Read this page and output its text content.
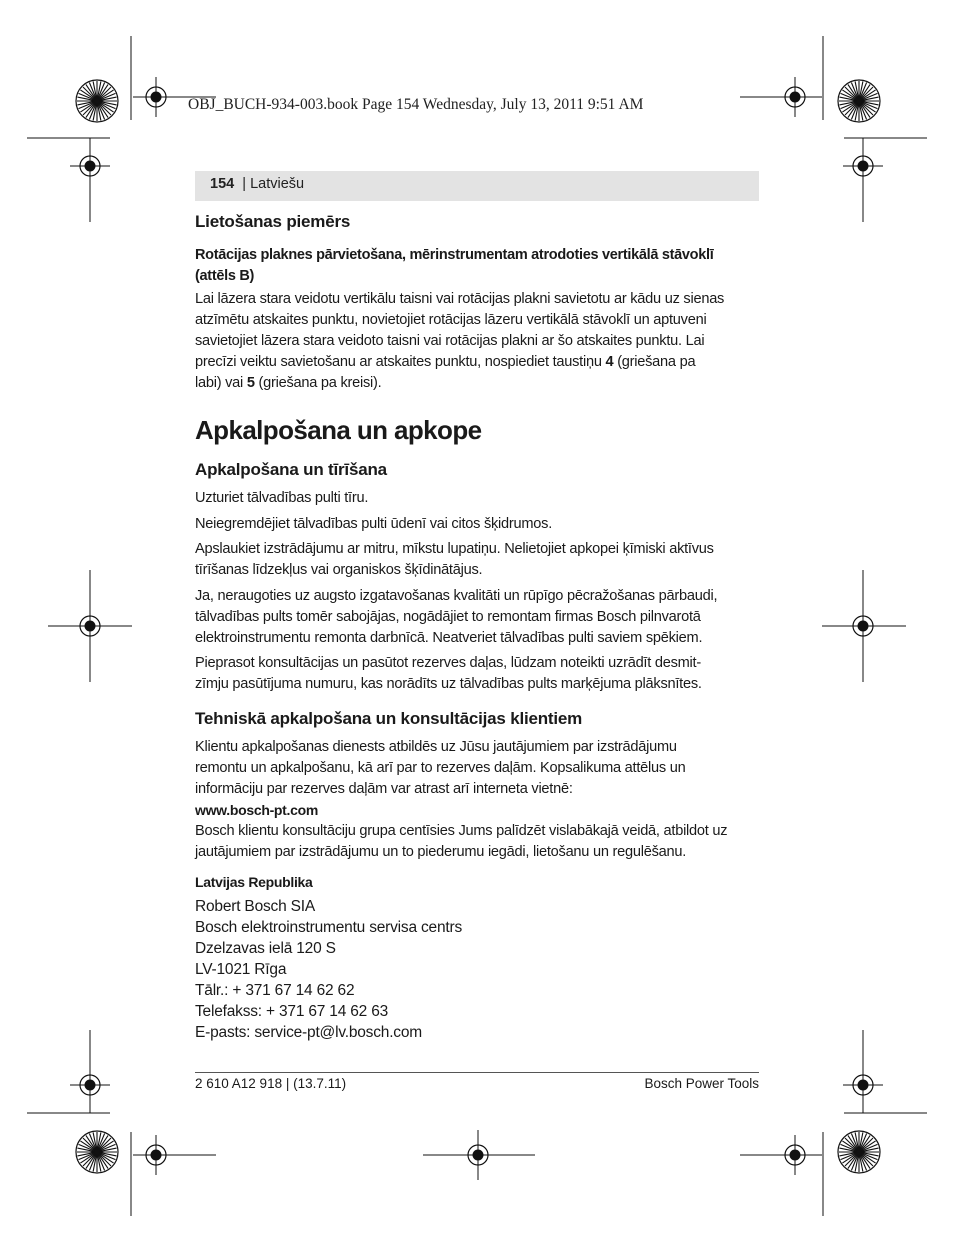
OBJ_BUCH-934-003.book Page 154 Wednesday, July 13, 2011 9:51 AM
154  | Latviešu
Lietošanas piemērs
Rotācijas plaknes pārvietošana, mērinstrumentam atrodoties vertikālā stāvoklī
(attēls B)
Lai lāzera stara veidotu vertikālu taisni vai rotācijas plakni savietotu ar kādu uz sienas
atzīmētu atskaites punktu, novietojiet rotācijas lāzeru vertikālā stāvoklī un aptuveni
savietojiet lāzera stara veidoto taisni vai rotācijas plakni ar šo atskaites punktu. Lai
precīzi veiktu savietošanu ar atskaites punktu, nospiediet taustiņu 4 (griešana pa
labi) vai 5 (griešana pa kreisi).
Apkalpošana un apkope
Apkalpošana un tīrīšana
Uzturiet tālvadības pulti tīru.
Neiegremdējiet tālvadības pulti ūdenī vai citos šķidrumos.
Apslaukiet izstrādājumu ar mitru, mīkstu lupatiņu. Nelietojiet apkopei ķīmiski aktīvus
tīrīšanas līdzekļus vai organiskos šķīdinātājus.
Ja, neraugoties uz augsto izgatavošanas kvalitāti un rūpīgo pēcražošanas pārbaudi,
tālvadības pults tomēr sabojājas, nogādājiet to remontam firmas Bosch pilnvarotā
elektroinstrumentu remonta darbnīcā. Neatveriet tālvadības pulti saviem spēkiem.
Pieprasot konsultācijas un pasūtot rezerves daļas, lūdzam noteikti uzrādīt desmit-
zīmju pasūtījuma numuru, kas norādīts uz tālvadības pults marķējuma plāksnītes.
Tehniskā apkalpošana un konsultācijas klientiem
Klientu apkalpošanas dienests atbildēs uz Jūsu jautājumiem par izstrādājumu
remontu un apkalpošanu, kā arī par to rezerves daļām. Kopsalikuma attēlus un
informāciju par rezerves daļām var atrast arī interneta vietnē:
www.bosch-pt.com
Bosch klientu konsultāciju grupa centīsies Jums palīdzēt vislabākajā veidā, atbildot uz
jautājumiem par izstrādājumu un to piederumu iegādi, lietošanu un regulēšanu.
Latvijas Republika
Robert Bosch SIA
Bosch elektroinstrumentu servisa centrs
Dzelzavas ielā 120 S
LV-1021 Rīga
Tālr.: + 371 67 14 62 62
Telefakss: + 371 67 14 62 63
E-pasts: service-pt@lv.bosch.com
2 610 A12 918 | (13.7.11)	Bosch Power Tools
